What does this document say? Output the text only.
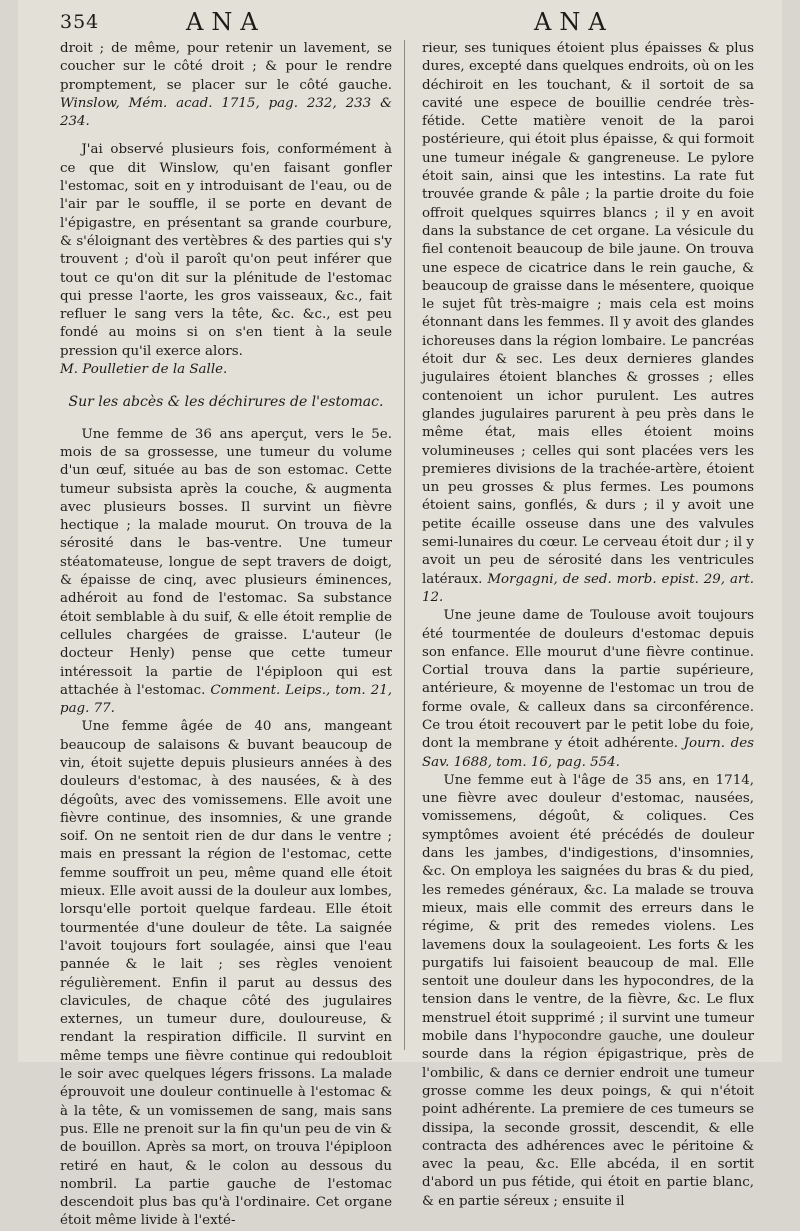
354	ANA	ANA

droit ; de même, pour retenir un lavement, se coucher sur le côté droit ; & pour le rendre promptement, se placer sur le côté gauche. Winslow, Mém. acad. 1715, pag. 232, 233 & 234.

J'ai observé plusieurs fois, conformément à ce que dit Winslow, qu'en faisant gonfler l'estomac, soit en y introduisant de l'eau, ou de l'air par le souffle, il se porte en devant de l'épigastre, en présentant sa grande courbure, & s'éloignant des vertèbres & des parties qui s'y trouvent ; d'où il paroît qu'on peut inférer que tout ce qu'on dit sur la plénitude de l'estomac qui presse l'aorte, les gros vaisseaux, &c., fait refluer le sang vers la tête, &c. &c., est peu fondé au moins si on s'en tient à la seule pression qu'il exerce alors.

M. Poulletier de la Salle.

Sur les abcès & les déchirures de l'estomac.

Une femme de 36 ans aperçut, vers le 5e. mois de sa grossesse, une tumeur du volume d'un œuf, située au bas de son estomac. Cette tumeur subsista après la couche, & augmenta avec plusieurs bosses. Il survint un fièvre hectique ; la malade mourut. On trouva de la sérosité dans le bas-ventre. Une tumeur stéatomateuse, longue de sept travers de doigt, & épaisse de cinq, avec plusieurs éminences, adhéroit au fond de l'estomac. Sa substance étoit semblable à du suif, & elle étoit remplie de cellules chargées de graisse. L'auteur (le docteur Henly) pense que cette tumeur intéressoit la partie de l'épiploon qui est attachée à l'estomac. Comment. Leips., tom. 21, pag. 77.

Une femme âgée de 40 ans, mangeant beaucoup de salaisons & buvant beaucoup de vin, étoit sujette depuis plusieurs années à des douleurs d'estomac, à des nausées, & à des dégoûts, avec des vomissemens. Elle avoit une fièvre continue, des insomnies, & une grande soif. On ne sentoit rien de dur dans le ventre ; mais en pressant la région de l'estomac, cette femme souffroit un peu, même quand elle étoit mieux. Elle avoit aussi de la douleur aux lombes, lorsqu'elle portoit quelque fardeau. Elle étoit tourmentée d'une douleur de tête. La saignée l'avoit toujours fort soulagée, ainsi que l'eau pannée & le lait ; ses règles venoient régulièrement. Enfin il parut au dessus des clavicules, de chaque côté des jugulaires externes, un tumeur dure, douloureuse, & rendant la respiration difficile. Il survint en même temps une fièvre continue qui redoubloit le soir avec quelques légers frissons. La malade éprouvoit une douleur continuelle à l'estomac & à la tête, & un vomissemen de sang, mais sans pus. Elle ne prenoit sur la fin qu'un peu de vin & de bouillon. Après sa mort, on trouva l'épiploon retiré en haut, & le colon au dessous du nombril. La partie gauche de l'estomac descendoit plus bas qu'à l'ordinaire. Cet organe étoit même livide à l'exté-

rieur, ses tuniques étoient plus épaisses & plus dures, excepté dans quelques endroits, où on les déchiroit en les touchant, & il sortoit de sa cavité une espece de bouillie cendrée très-fétide. Cette matière venoit de la paroi postérieure, qui étoit plus épaisse, & qui formoit une tumeur inégale & gangreneuse. Le pylore étoit sain, ainsi que les intestins. La rate fut trouvée grande & pâle ; la partie droite du foie offroit quelques squirres blancs ; il y en avoit dans la substance de cet organe. La vésicule du fiel contenoit beaucoup de bile jaune. On trouva une espece de cicatrice dans le rein gauche, & beaucoup de graisse dans le mésentere, quoique le sujet fût très-maigre ; mais cela est moins étonnant dans les femmes. Il y avoit des glandes ichoreuses dans la région lombaire. Le pancréas étoit dur & sec. Les deux dernieres glandes jugulaires étoient blanches & grosses ; elles contenoient un ichor purulent. Les autres glandes jugulaires parurent à peu près dans le même état, mais elles étoient moins volumineuses ; celles qui sont placées vers les premieres divisions de la trachée-artère, étoient un peu grosses & plus fermes. Les poumons étoient sains, gonflés, & durs ; il y avoit une petite écaille osseuse dans une des valvules semi-lunaires du cœur. Le cerveau étoit dur ; il y avoit un peu de sérosité dans les ventricules latéraux. Morgagni, de sed. morb. epist. 29, art. 12.

Une jeune dame de Toulouse avoit toujours été tourmentée de douleurs d'estomac depuis son enfance. Elle mourut d'une fièvre continue. Cortial trouva dans la partie supérieure, antérieure, & moyenne de l'estomac un trou de forme ovale, & calleux dans sa circonférence. Ce trou étoit recouvert par le petit lobe du foie, dont la membrane y étoit adhérente. Journ. des Sav. 1688, tom. 16, pag. 554.

Une femme eut à l'âge de 35 ans, en 1714, une fièvre avec douleur d'estomac, nausées, vomissemens, dégoût, & coliques. Ces symptômes avoient été précédés de douleur dans les jambes, d'indigestions, d'insomnies, &c. On employa les saignées du bras & du pied, les remedes généraux, &c. La malade se trouva mieux, mais elle commit des erreurs dans le régime, & prit des remedes violens. Les lavemens doux la soulageoient. Les forts & les purgatifs lui faisoient beaucoup de mal. Elle sentoit une douleur dans les hypocondres, de la tension dans le ventre, de la fièvre, &c. Le flux menstruel étoit supprimé ; il survint une tumeur mobile dans l'hypocondre gauche, une douleur sourde dans la région épigastrique, près de l'ombilic, & dans ce dernier endroit une tumeur grosse comme les deux poings, & qui n'étoit point adhérente. La premiere de ces tumeurs se dissipa, la seconde grossit, descendit, & elle contracta des adhérences avec le péritoine & avec la peau, &c. Elle abcéda, il en sortit d'abord un pus fétide, qui étoit en partie blanc, & en partie séreux ; ensuite il
